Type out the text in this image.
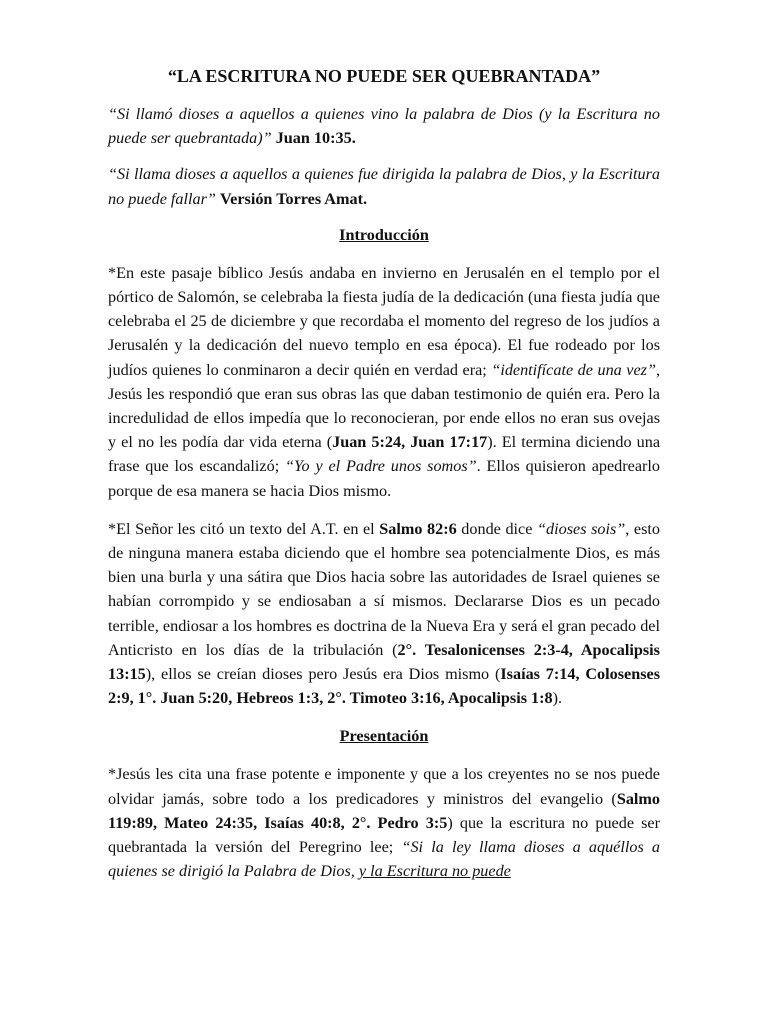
“LA ESCRITURA NO PUEDE SER QUEBRANTADA”

“Si llamó dioses a aquellos a quienes vino la palabra de Dios (y la Escritura no puede ser quebrantada)” Juan 10:35.

“Si llama dioses a aquellos a quienes fue dirigida la palabra de Dios, y la Escritura no puede fallar” Versión Torres Amat.

Introducción

*En este pasaje bíblico Jesús andaba en invierno en Jerusalén en el templo por el pórtico de Salomón, se celebraba la fiesta judía de la dedicación (una fiesta judía que celebraba el 25 de diciembre y que recordaba el momento del regreso de los judíos a Jerusalén y la dedicación del nuevo templo en esa época). El fue rodeado por los judíos quienes lo conminaron a decir quién en verdad era; “identifícate de una vez”, Jesús les respondió que eran sus obras las que daban testimonio de quién era. Pero la incredulidad de ellos impedía que lo reconocieran, por ende ellos no eran sus ovejas y el no les podía dar vida eterna (Juan 5:24, Juan 17:17). El termina diciendo una frase que los escandalizó; “Yo y el Padre unos somos”. Ellos quisieron apedrearlo porque de esa manera se hacia Dios mismo.

*El Señor les citó un texto del A.T. en el Salmo 82:6 donde dice “dioses sois”, esto de ninguna manera estaba diciendo que el hombre sea potencialmente Dios, es más bien una burla y una sátira que Dios hacia sobre las autoridades de Israel quienes se habían corrompido y se endiosaban a sí mismos. Declararse Dios es un pecado terrible, endiosar a los hombres es doctrina de la Nueva Era y será el gran pecado del Anticristo en los días de la tribulación (2°. Tesalonicenses 2:3-4, Apocalipsis 13:15), ellos se creían dioses pero Jesús era Dios mismo (Isaías 7:14, Colosenses 2:9, 1°. Juan 5:20, Hebreos 1:3, 2°. Timoteo 3:16, Apocalipsis 1:8).

Presentación

*Jesús les cita una frase potente e imponente y que a los creyentes no se nos puede olvidar jamás, sobre todo a los predicadores y ministros del evangelio (Salmo 119:89, Mateo 24:35, Isaías 40:8, 2°. Pedro 3:5) que la escritura no puede ser quebrantada la versión del Peregrino lee; “Si la ley llama dioses a aquéllos a quienes se dirigió la Palabra de Dios, y la Escritura no puede
